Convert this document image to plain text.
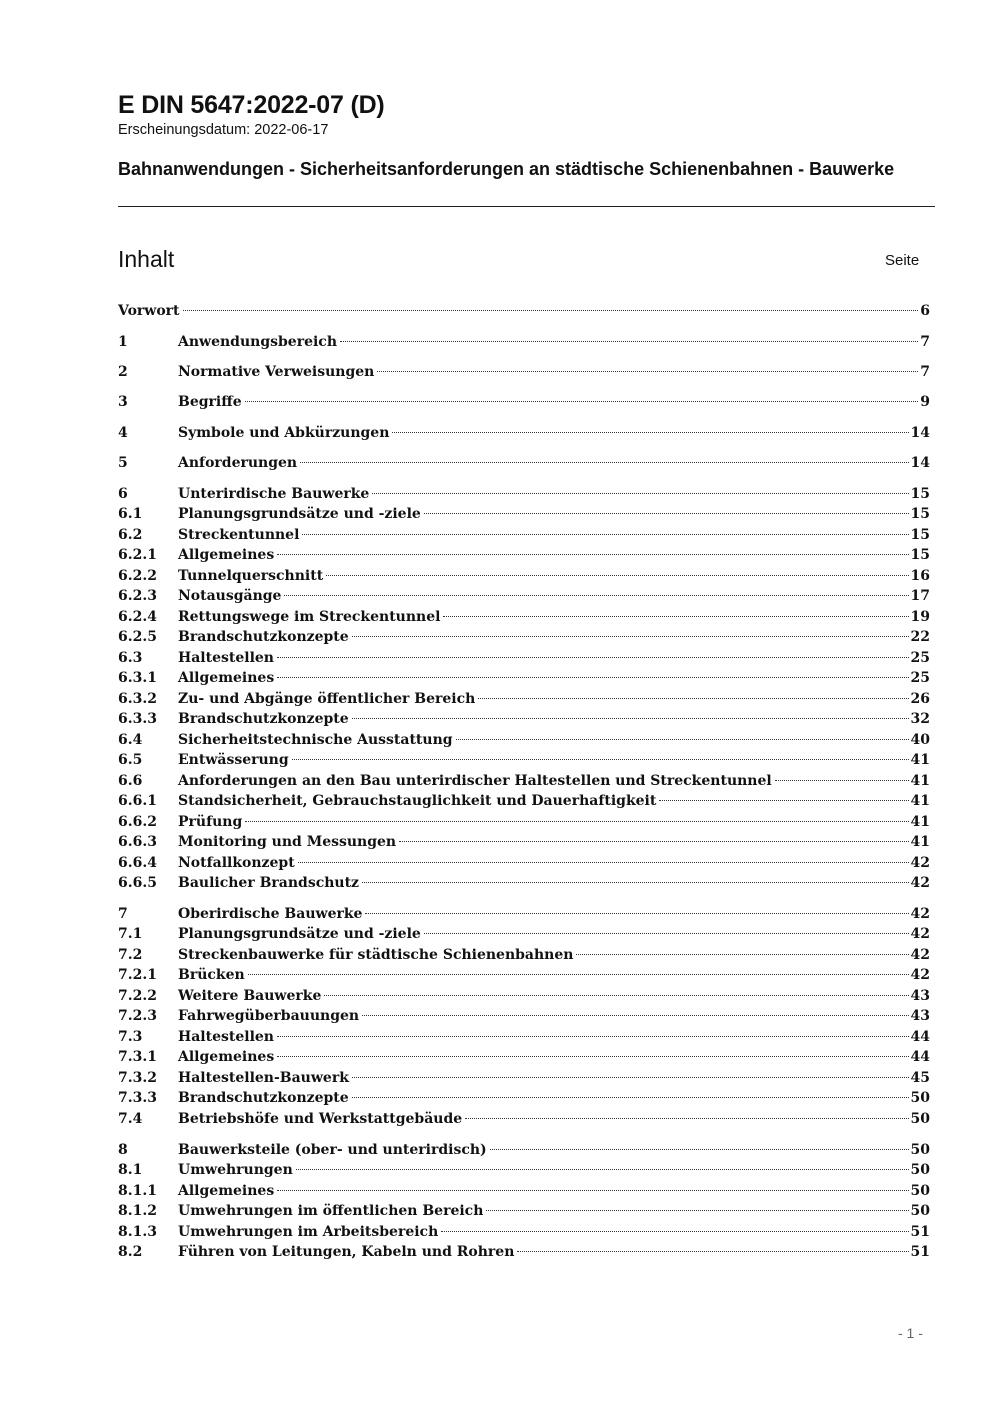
E DIN 5647:2022-07 (D)
Erscheinungsdatum: 2022-06-17
Bahnanwendungen - Sicherheitsanforderungen an städtische Schienenbahnen - Bauwerke
Inhalt	Seite
Vorwort	6
1	Anwendungsbereich	7
2	Normative Verweisungen	7
3	Begriffe	9
4	Symbole und Abkürzungen	14
5	Anforderungen	14
6	Unterirdische Bauwerke	15
6.1	Planungsgrundsätze und -ziele	15
6.2	Streckentunnel	15
6.2.1	Allgemeines	15
6.2.2	Tunnelquerschnitt	16
6.2.3	Notausgänge	17
6.2.4	Rettungswege im Streckentunnel	19
6.2.5	Brandschutzkonzepte	22
6.3	Haltestellen	25
6.3.1	Allgemeines	25
6.3.2	Zu- und Abgänge öffentlicher Bereich	26
6.3.3	Brandschutzkonzepte	32
6.4	Sicherheitstechnische Ausstattung	40
6.5	Entwässerung	41
6.6	Anforderungen an den Bau unterirdischer Haltestellen und Streckentunnel	41
6.6.1	Standsicherheit, Gebrauchstauglichkeit und Dauerhaftigkeit	41
6.6.2	Prüfung	41
6.6.3	Monitoring und Messungen	41
6.6.4	Notfallkonzept	42
6.6.5	Baulicher Brandschutz	42
7	Oberirdische Bauwerke	42
7.1	Planungsgrundsätze und -ziele	42
7.2	Streckenbauwerke für städtische Schienenbahnen	42
7.2.1	Brücken	42
7.2.2	Weitere Bauwerke	43
7.2.3	Fahrwegüberbauungen	43
7.3	Haltestellen	44
7.3.1	Allgemeines	44
7.3.2	Haltestellen-Bauwerk	45
7.3.3	Brandschutzkonzepte	50
7.4	Betriebshöfe und Werkstattgebäude	50
8	Bauwerksteile (ober- und unterirdisch)	50
8.1	Umwehrungen	50
8.1.1	Allgemeines	50
8.1.2	Umwehrungen im öffentlichen Bereich	50
8.1.3	Umwehrungen im Arbeitsbereich	51
8.2	Führen von Leitungen, Kabeln und Rohren	51
- 1 -
